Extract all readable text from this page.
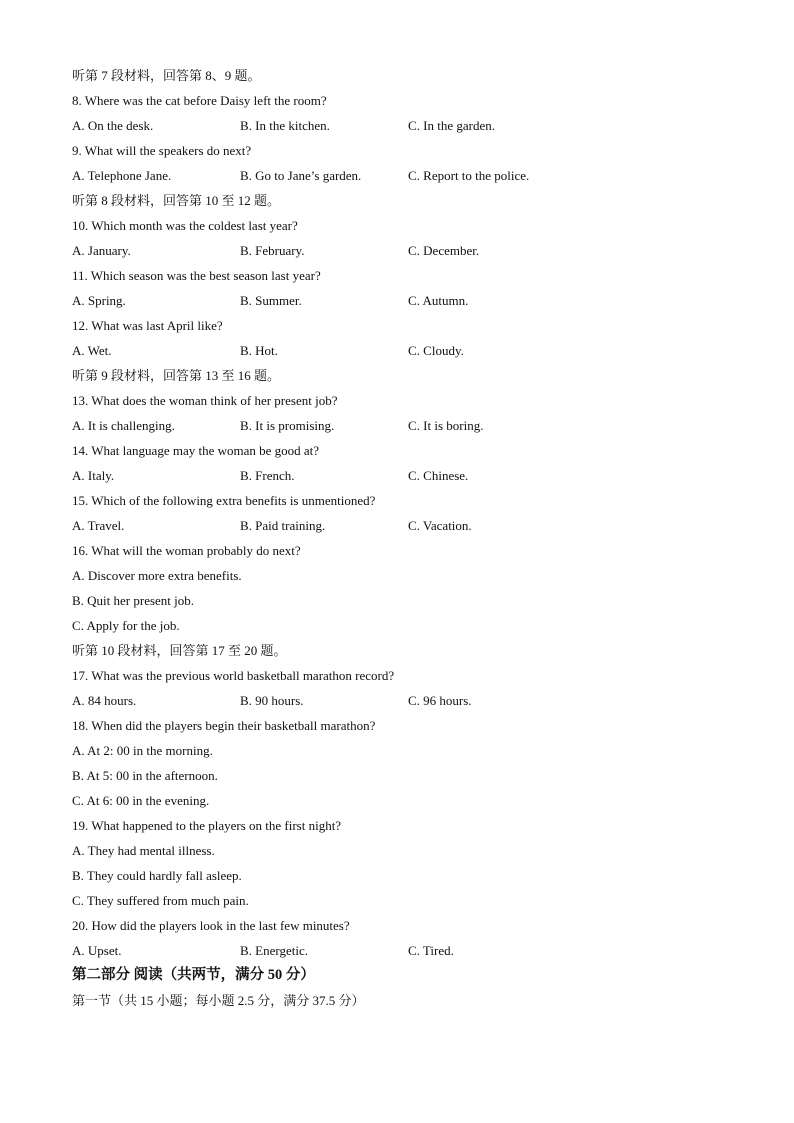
听第 7 段材料，回答第 8、9 题。
8. Where was the cat before Daisy left the room?
A. On the desk.	B. In the kitchen.	C. In the garden.
9. What will the speakers do next?
A. Telephone Jane.	B. Go to Jane’s garden.	C. Report to the police.
听第 8 段材料，回答第 10 至 12 题。
10. Which month was the coldest last year?
A. January.	B. February.	C. December.
11. Which season was the best season last year?
A. Spring.	B. Summer.	C. Autumn.
12. What was last April like?
A. Wet.	B. Hot.	C. Cloudy.
听第 9 段材料，回答第 13 至 16 题。
13. What does the woman think of her present job?
A. It is challenging.	B. It is promising.	C. It is boring.
14. What language may the woman be good at?
A. Italy.	B. French.	C. Chinese.
15. Which of the following extra benefits is unmentioned?
A. Travel.	B. Paid training.	C. Vacation.
16. What will the woman probably do next?
A. Discover more extra benefits.
B. Quit her present job.
C. Apply for the job.
听第 10 段材料，回答第 17 至 20 题。
17. What was the previous world basketball marathon record?
A. 84 hours.	B. 90 hours.	C. 96 hours.
18. When did the players begin their basketball marathon?
A. At 2: 00 in the morning.
B. At 5: 00 in the afternoon.
C. At 6: 00 in the evening.
19. What happened to the players on the first night?
A. They had mental illness.
B. They could hardly fall asleep.
C. They suffered from much pain.
20. How did the players look in the last few minutes?
A. Upset.	B. Energetic.	C. Tired.
第二部分 阅读（共两节，满分 50 分）
第一节（共 15 小题；每小题 2.5 分，满分 37.5 分）
